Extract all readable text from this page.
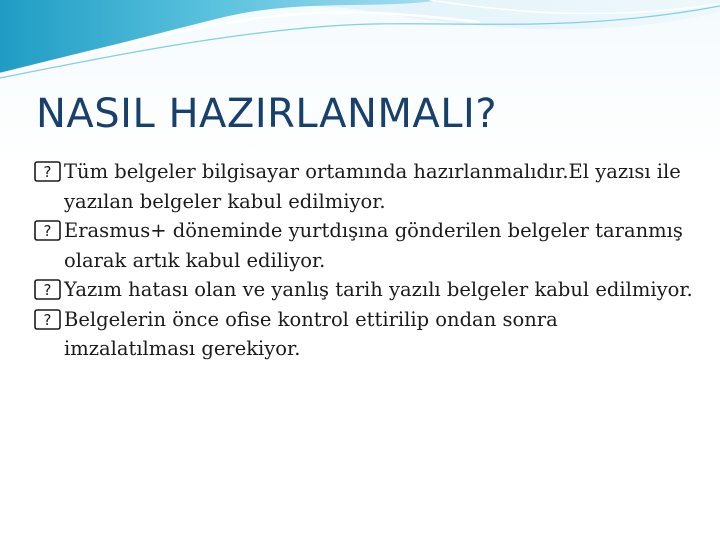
NASIL HAZIRLANMALI?
? Tüm belgeler bilgisayar ortamında hazırlanmalıdır.El yazısı ile yazılan belgeler kabul edilmiyor.
? Erasmus+ döneminde yurtdışına gönderilen belgeler taranmış olarak artık kabul ediliyor.
? Yazım hatası olan ve yanlış tarih yazılı belgeler kabul edilmiyor.
? Belgelerin önce ofise kontrol ettirilip ondan sonra imzalatılması gerekiyor.
